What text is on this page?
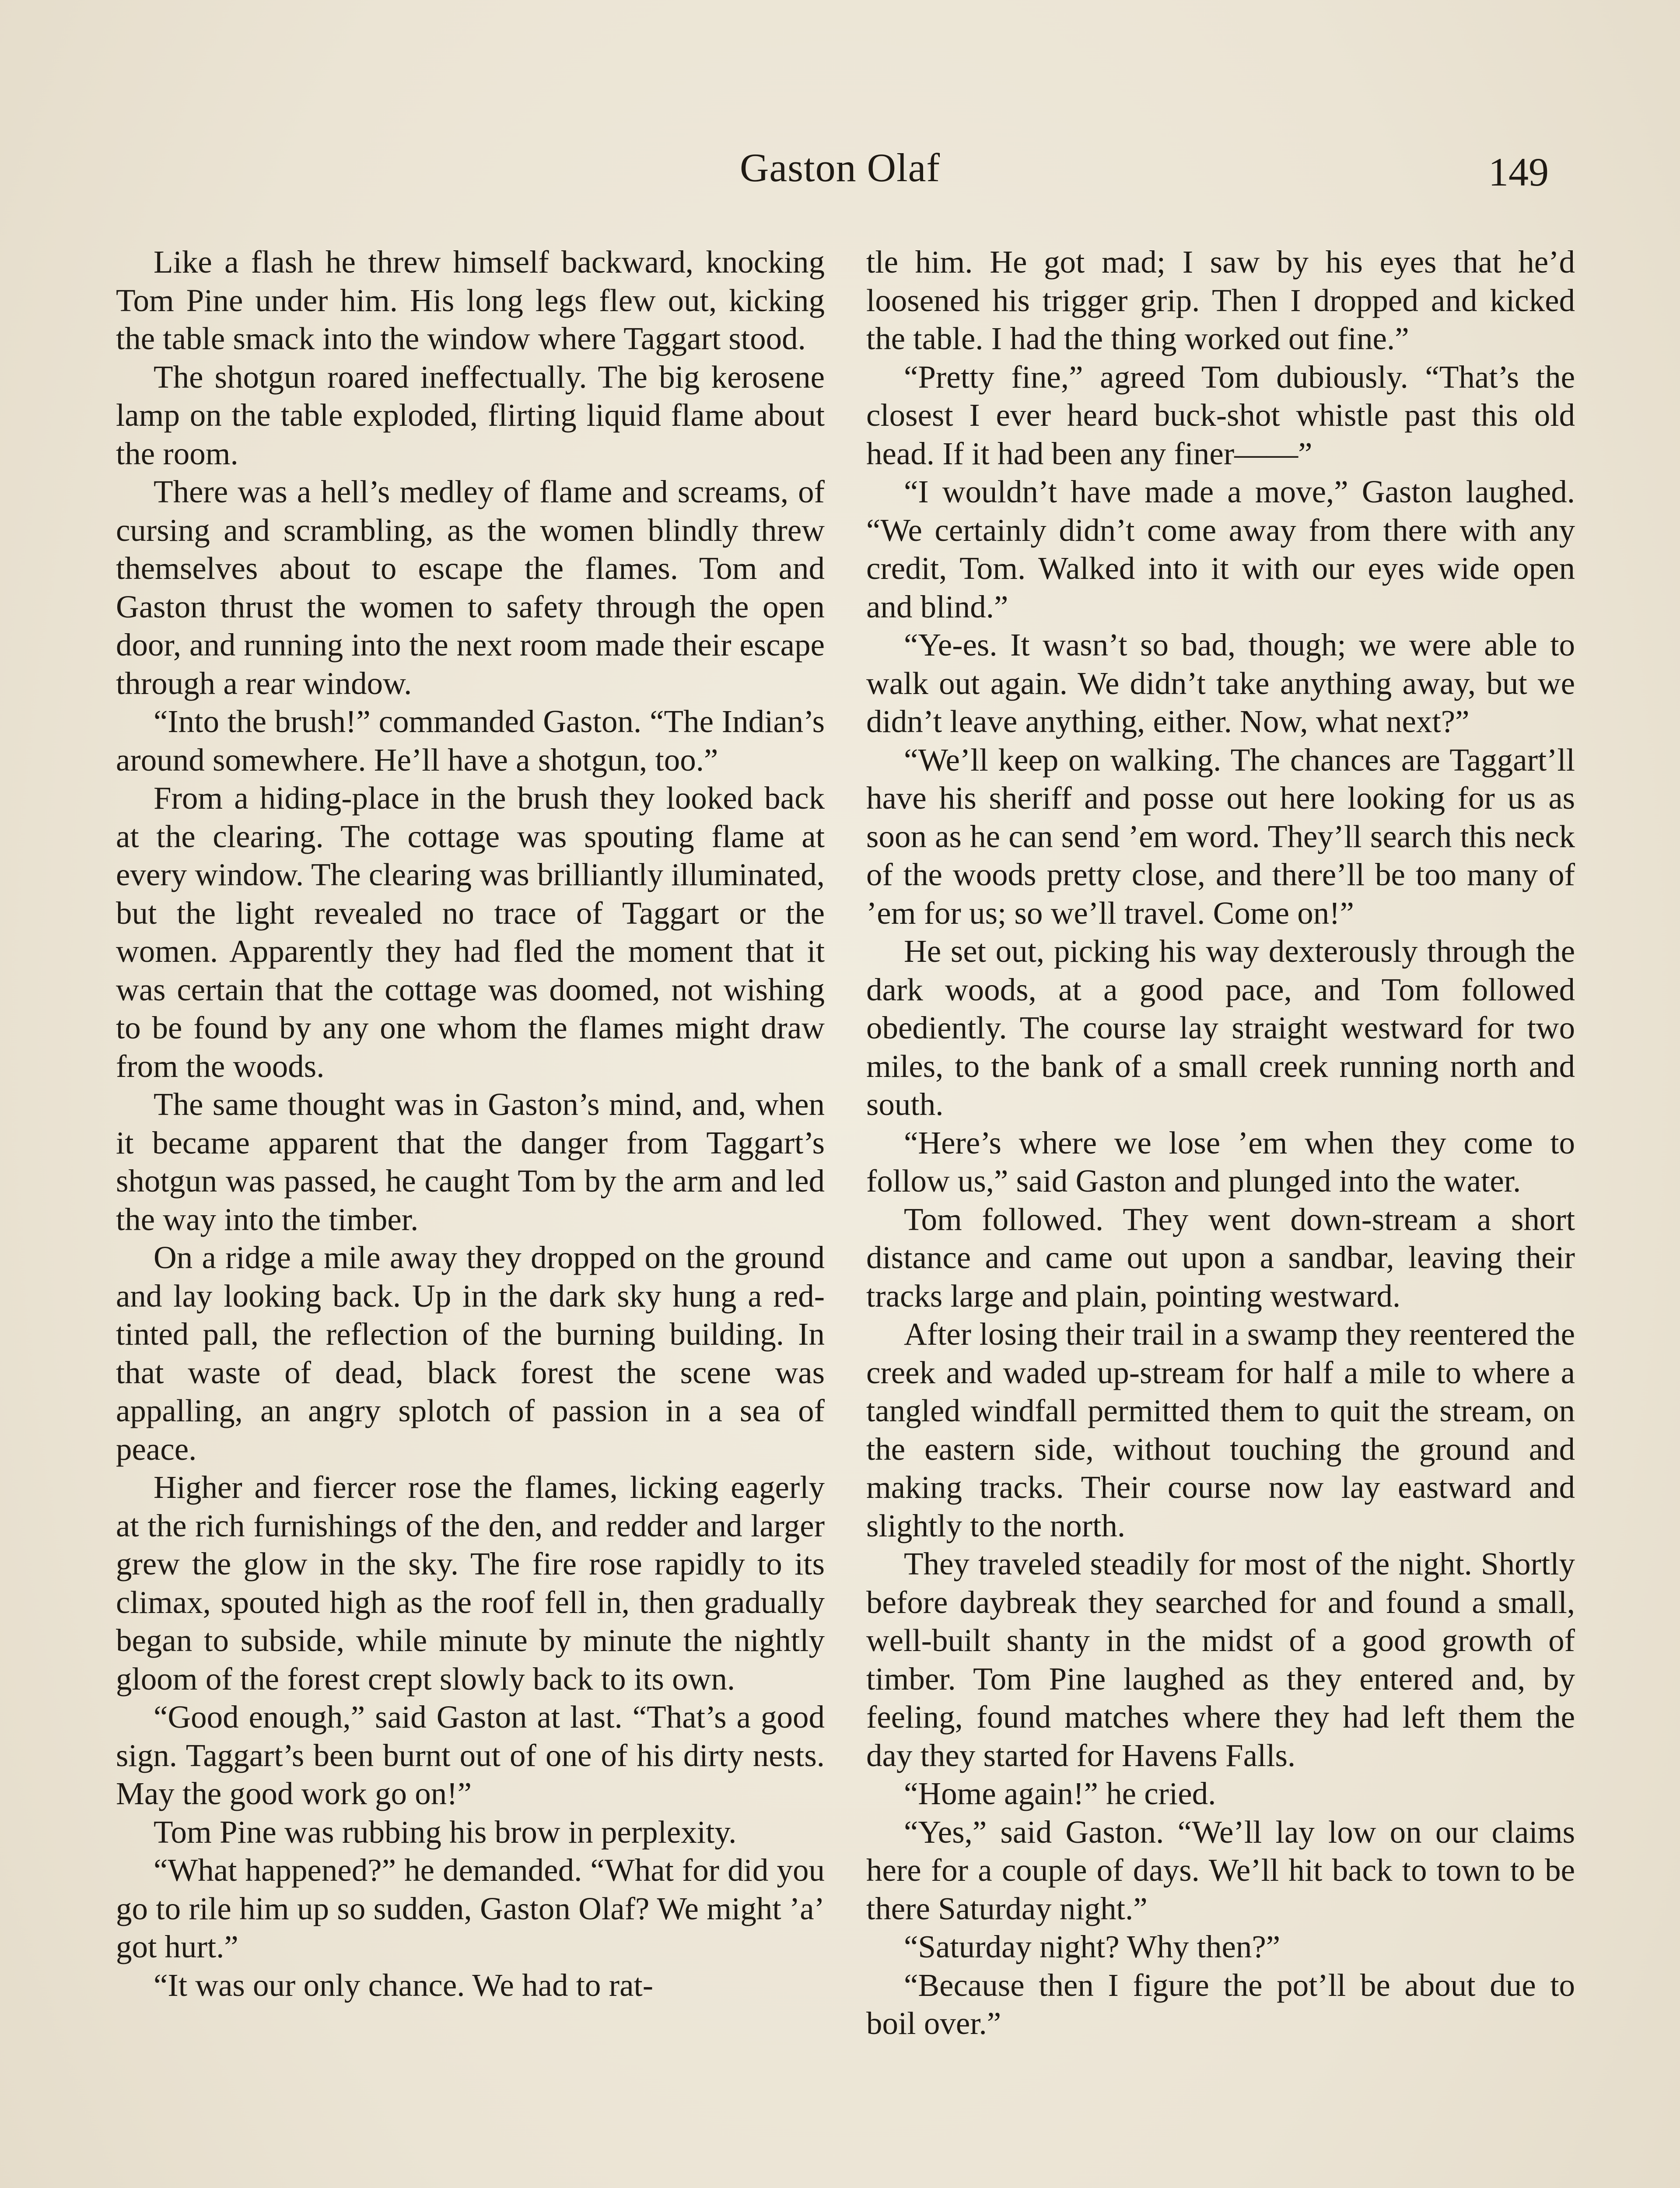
Gaston Olaf	149

Like a flash he threw himself backward, knocking Tom Pine under him. His long legs flew out, kicking the table smack into the window where Taggart stood.

The shotgun roared ineffectually. The big kerosene lamp on the table exploded, flirting liquid flame about the room.

There was a hell’s medley of flame and screams, of cursing and scrambling, as the women blindly threw themselves about to escape the flames. Tom and Gaston thrust the women to safety through the open door, and running into the next room made their escape through a rear window.

“Into the brush!” commanded Gaston. “The Indian’s around somewhere. He’ll have a shotgun, too.”

From a hiding-place in the brush they looked back at the clearing. The cottage was spouting flame at every window. The clearing was brilliantly illuminated, but the light revealed no trace of Taggart or the women. Apparently they had fled the moment that it was certain that the cottage was doomed, not wishing to be found by any one whom the flames might draw from the woods.

The same thought was in Gaston’s mind, and, when it became apparent that the danger from Taggart’s shotgun was passed, he caught Tom by the arm and led the way into the timber.

On a ridge a mile away they dropped on the ground and lay looking back. Up in the dark sky hung a red-tinted pall, the reflection of the burning building. In that waste of dead, black forest the scene was appalling, an angry splotch of passion in a sea of peace.

Higher and fiercer rose the flames, licking eagerly at the rich furnishings of the den, and redder and larger grew the glow in the sky. The fire rose rapidly to its climax, spouted high as the roof fell in, then gradually began to subside, while minute by minute the nightly gloom of the forest crept slowly back to its own.

“Good enough,” said Gaston at last. “That’s a good sign. Taggart’s been burnt out of one of his dirty nests. May the good work go on!”

Tom Pine was rubbing his brow in perplexity.

“What happened?” he demanded. “What for did you go to rile him up so sudden, Gaston Olaf? We might ’a’ got hurt.”

“It was our only chance. We had to rat-

tle him. He got mad; I saw by his eyes that he’d loosened his trigger grip. Then I dropped and kicked the table. I had the thing worked out fine.”

“Pretty fine,” agreed Tom dubiously. “That’s the closest I ever heard buck-shot whistle past this old head. If it had been any finer——”

“I wouldn’t have made a move,” Gaston laughed. “We certainly didn’t come away from there with any credit, Tom. Walked into it with our eyes wide open and blind.”

“Ye-es. It wasn’t so bad, though; we were able to walk out again. We didn’t take anything away, but we didn’t leave anything, either. Now, what next?”

“We’ll keep on walking. The chances are Taggart’ll have his sheriff and posse out here looking for us as soon as he can send ’em word. They’ll search this neck of the woods pretty close, and there’ll be too many of ’em for us; so we’ll travel. Come on!”

He set out, picking his way dexterously through the dark woods, at a good pace, and Tom followed obediently. The course lay straight westward for two miles, to the bank of a small creek running north and south.

“Here’s where we lose ’em when they come to follow us,” said Gaston and plunged into the water.

Tom followed. They went down-stream a short distance and came out upon a sandbar, leaving their tracks large and plain, pointing westward.

After losing their trail in a swamp they reentered the creek and waded up-stream for half a mile to where a tangled windfall permitted them to quit the stream, on the eastern side, without touching the ground and making tracks. Their course now lay eastward and slightly to the north.

They traveled steadily for most of the night. Shortly before daybreak they searched for and found a small, well-built shanty in the midst of a good growth of timber. Tom Pine laughed as they entered and, by feeling, found matches where they had left them the day they started for Havens Falls.

“Home again!” he cried.

“Yes,” said Gaston. “We’ll lay low on our claims here for a couple of days. We’ll hit back to town to be there Saturday night.”

“Saturday night? Why then?”

“Because then I figure the pot’ll be about due to boil over.”
